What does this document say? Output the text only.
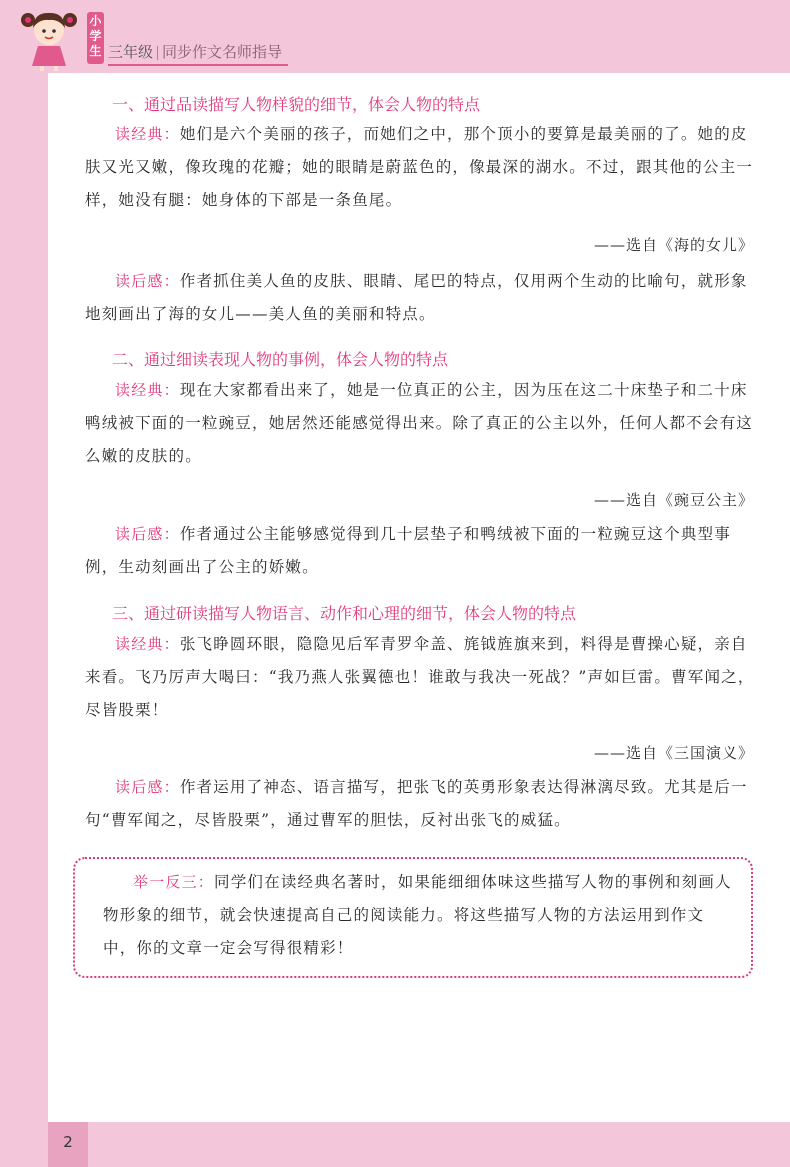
小学生 三年级 同步作文名师指导
一、通过品读描写人物样貌的细节，体会人物的特点
读经典：她们是六个美丽的孩子，而她们之中，那个顶小的要算是最美丽的了。她的皮肤又光又嫩，像玫瑰的花瓣；她的眼睛是蔚蓝色的，像最深的湖水。不过，跟其他的公主一样，她没有腿：她身体的下部是一条鱼尾。
——选自《海的女儿》
读后感：作者抓住美人鱼的皮肤、眼睛、尾巴的特点，仅用两个生动的比喻句，就形象地刻画出了海的女儿——美人鱼的美丽和特点。
二、通过细读表现人物的事例，体会人物的特点
读经典：现在大家都看出来了，她是一位真正的公主，因为压在这二十床垫子和二十床鸭绒被下面的一粒豌豆，她居然还能感觉得出来。除了真正的公主以外，任何人都不会有这么嫩的皮肤的。
——选自《豌豆公主》
读后感：作者通过公主能够感觉得到几十层垫子和鸭绒被下面的一粒豌豆这个典型事例，生动刻画出了公主的娇嫩。
三、通过研读描写人物语言、动作和心理的细节，体会人物的特点
读经典：张飞睁圆环眼，隐隐见后军青罗伞盖、旄钺旌旗来到，料得是曹操心疑，亲自来看。飞乃厉声大喝曰：“我乃燕人张翼德也！谁敢与我决一死战？”声如巨雷。曹军闻之，尽皆股栗！
——选自《三国演义》
读后感：作者运用了神态、语言描写，把张飞的英勇形象表达得淋漓尽致。尤其是后一句“曹军闻之，尽皆股栗”，通过曹军的胆怯，反衬出张飞的威猛。
举一反三：同学们在读经典名著时，如果能细细体味这些描写人物的事例和刻画人物形象的细节，就会快速提高自己的阅读能力。将这些描写人物的方法运用到作文中，你的文章一定会写得很精彩！
2
